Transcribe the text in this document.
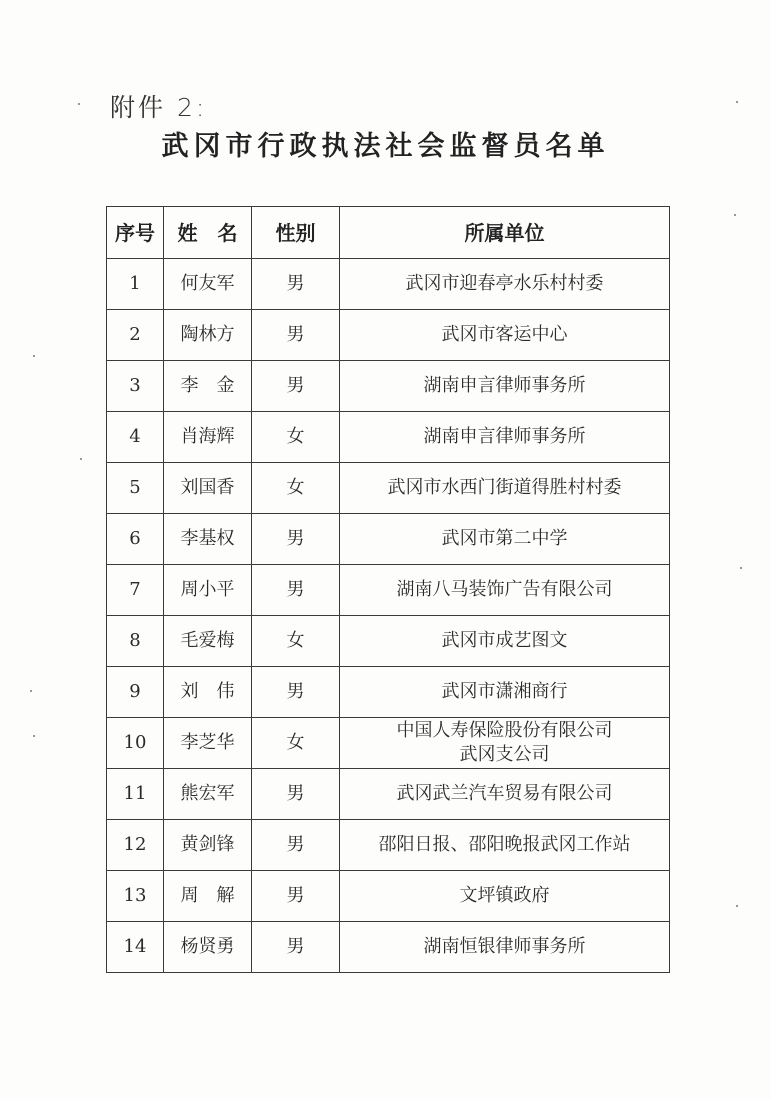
附件 2:
武冈市行政执法社会监督员名单
序号	姓　名	性别	所属单位
1	何友军	男	武冈市迎春亭水乐村村委
2	陶林方	男	武冈市客运中心
3	李　金	男	湖南申言律师事务所
4	肖海辉	女	湖南申言律师事务所
5	刘国香	女	武冈市水西门街道得胜村村委
6	李基权	男	武冈市第二中学
7	周小平	男	湖南八马装饰广告有限公司
8	毛爱梅	女	武冈市成艺图文
9	刘　伟	男	武冈市潇湘商行
10	李芝华	女	中国人寿保险股份有限公司
武冈支公司

11	熊宏军	男	武冈武兰汽车贸易有限公司
12	黄剑锋	男	邵阳日报、邵阳晚报武冈工作站
13	周　解	男	文坪镇政府
14	杨贤勇	男	湖南恒银律师事务所
